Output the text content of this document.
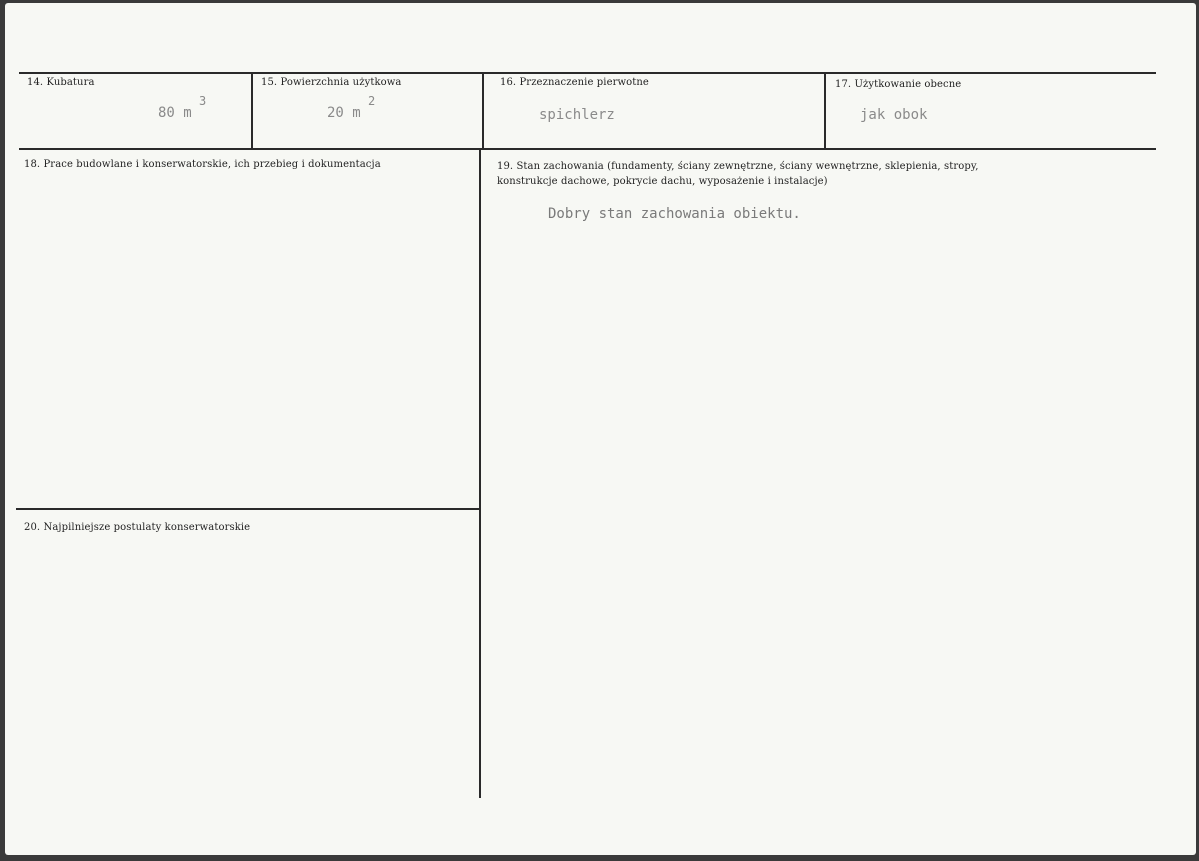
14. Kubatura
80 m
3
15. Powierzchnia użytkowa
20 m
2
16. Przeznaczenie pierwotne
spichlerz
17. Użytkowanie obecne
jak obok
18. Prace budowlane i konserwatorskie, ich przebieg i dokumentacja	19. Stan zachowania (fundamenty, ściany zewnętrzne, ściany wewnętrzne, sklepienia, stropy,
konstrukcje dachowe, pokrycie dachu, wyposażenie i instalacje)
Dobry stan zachowania obiektu.
20. Najpilniejsze postulaty konserwatorskie
